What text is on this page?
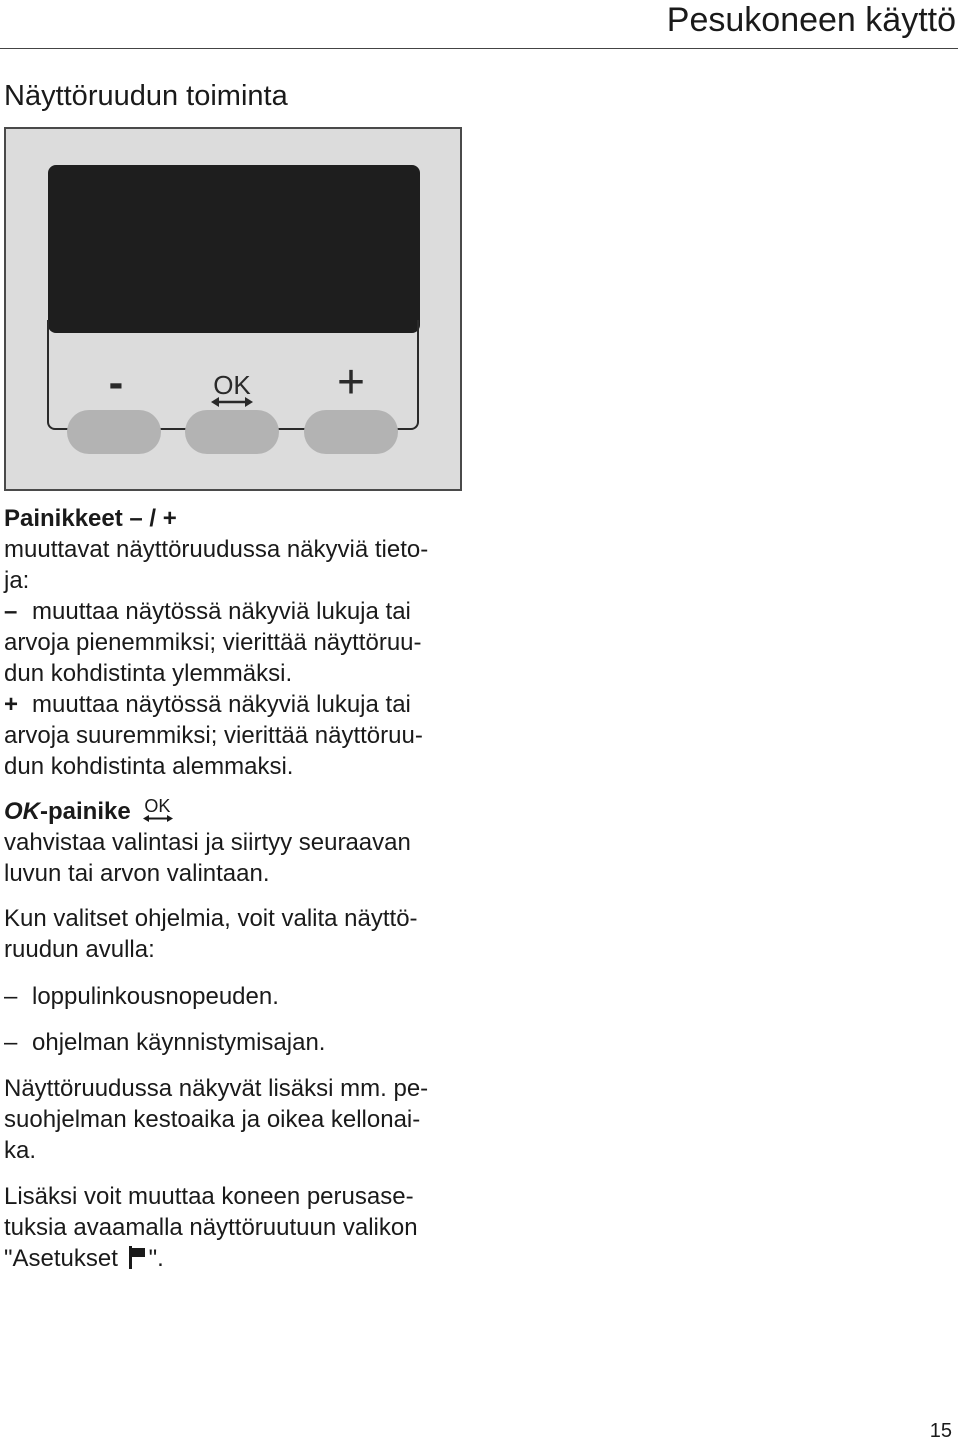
Pesukoneen käyttö
Näyttöruudun toiminta
-	OK +
Painikkeet – / +
muuttavat näyttöruudussa näkyviä tieto-
ja:
– muuttaa näytössä näkyviä lukuja tai
arvoja pienemmiksi; vierittää näyttöruu-
dun kohdistinta ylemmäksi.
+ muuttaa näytössä näkyviä lukuja tai
arvoja suuremmiksi; vierittää näyttöruu-
dun kohdistinta alemmaksi.
OK-painike OK
vahvistaa valintasi ja siirtyy seuraavan
luvun tai arvon valintaan.
Kun valitset ohjelmia, voit valita näyttö-
ruudun avulla:
– loppulinkousnopeuden.
– ohjelman käynnistymisajan.
Näyttöruudussa näkyvät lisäksi mm. pe-
suohjelman kestoaika ja oikea kellonai-
ka.
Lisäksi voit muuttaa koneen perusase-
tuksia avaamalla näyttöruutuun valikon
"Asetukset ".
15
